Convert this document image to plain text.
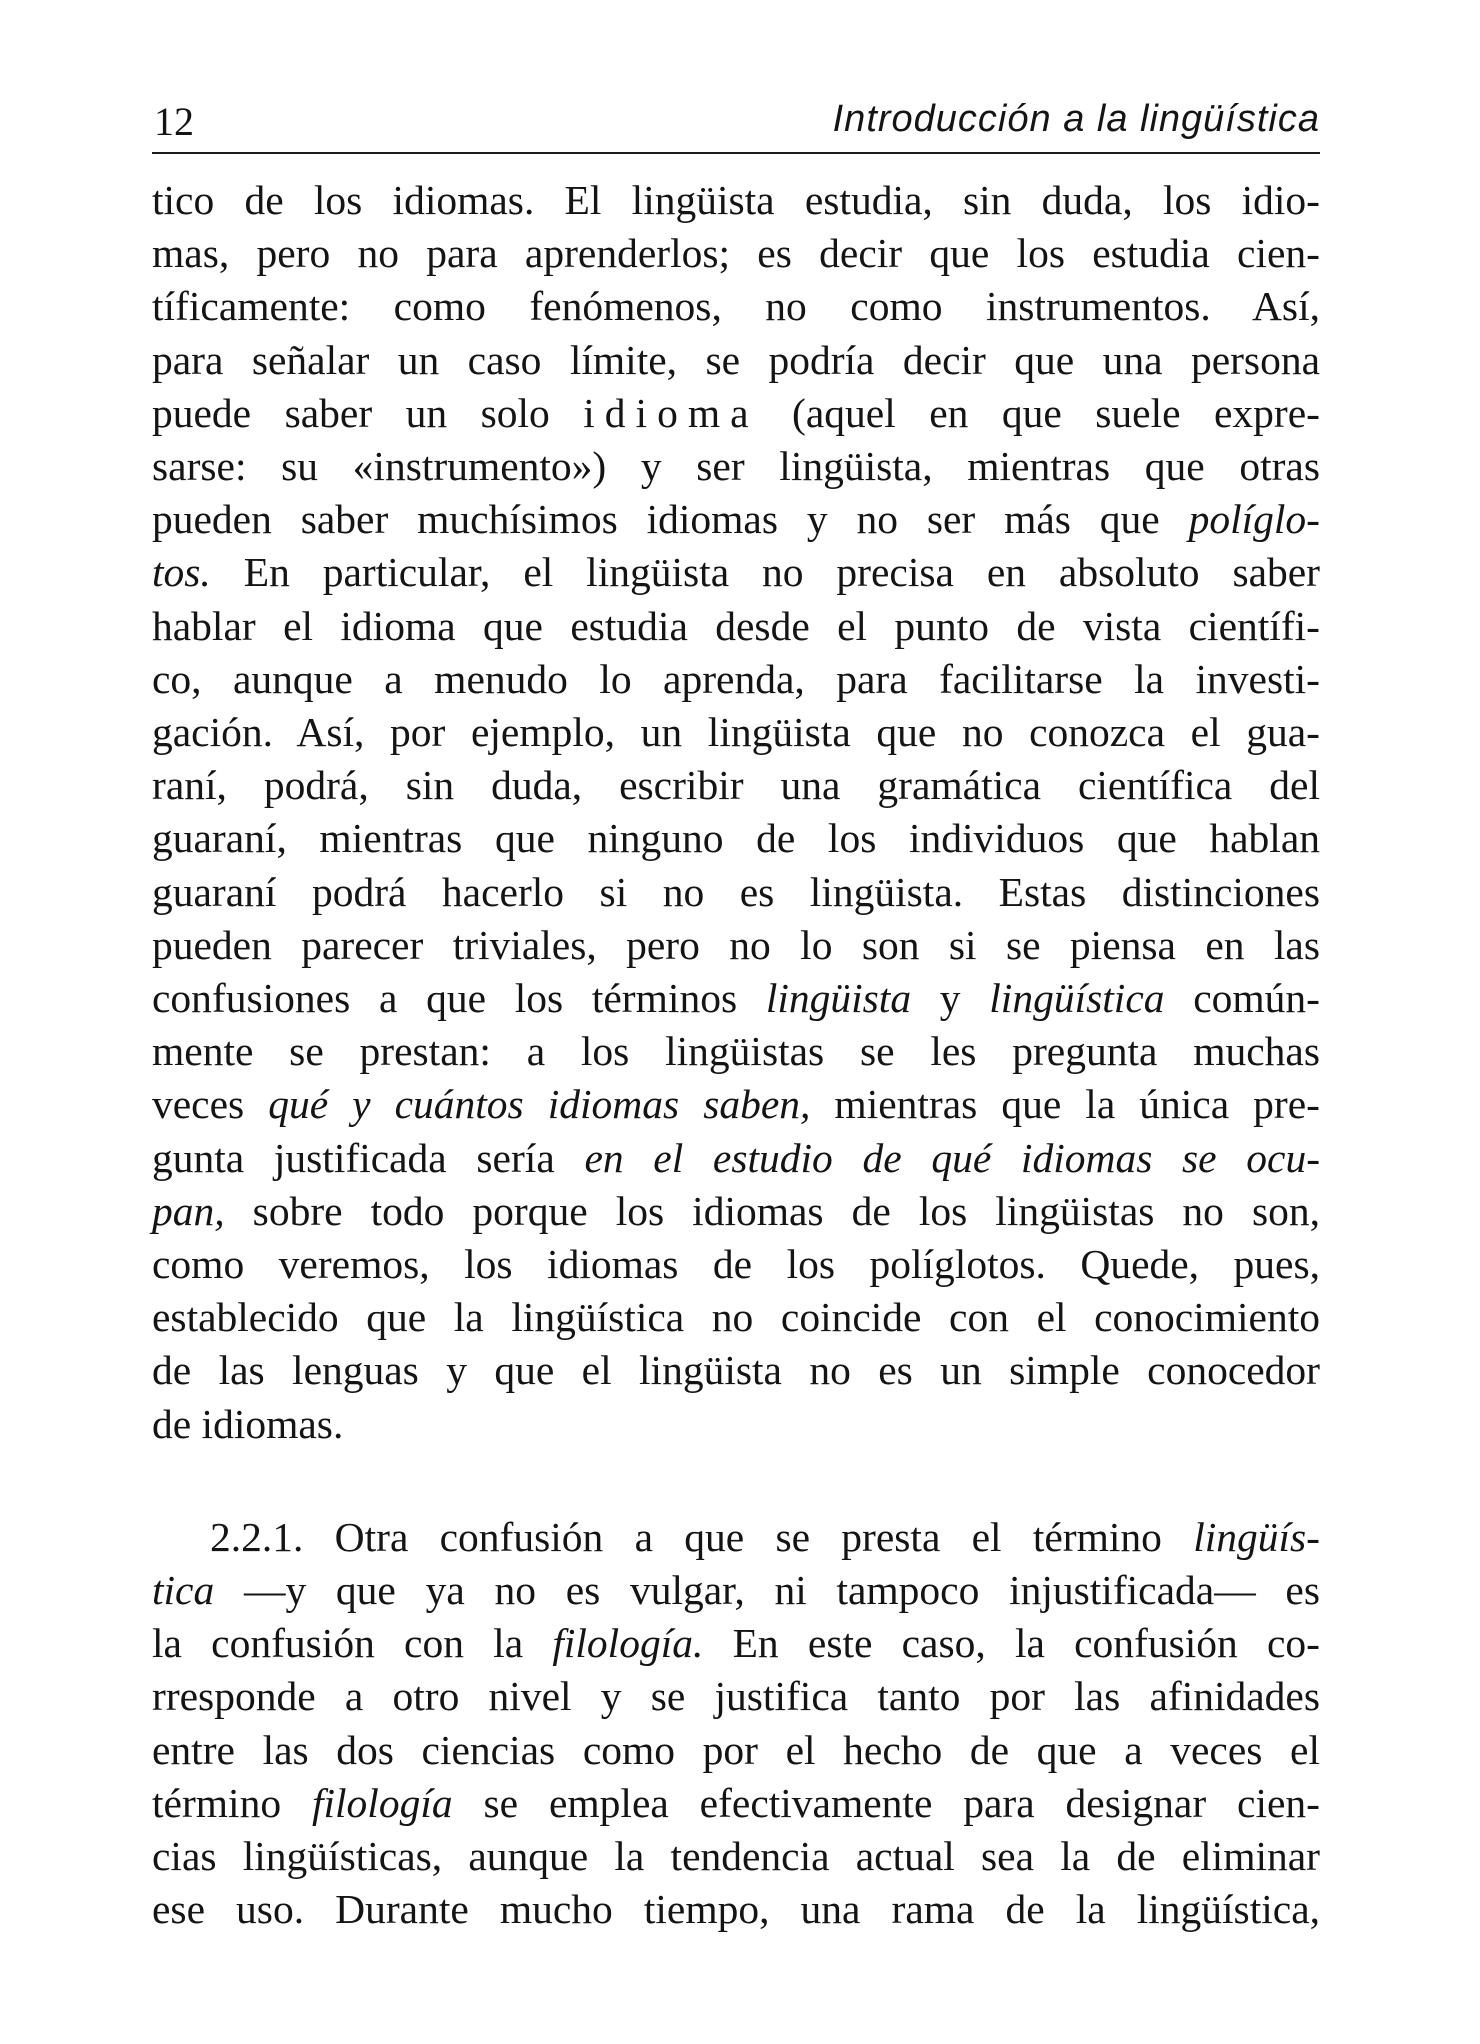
12	Introducción a la lingüística
tico de los idiomas. El lingüista estudia, sin duda, los idio-
mas, pero no para aprenderlos; es decir que los estudia cien-
tíficamente: como fenómenos, no como instrumentos. Así,
para señalar un caso límite, se podría decir que una persona
puede saber un solo idioma (aquel en que suele expre-
sarse: su «instrumento») y ser lingüista, mientras que otras
pueden saber muchísimos idiomas y no ser más que políglo-
tos. En particular, el lingüista no precisa en absoluto saber
hablar el idioma que estudia desde el punto de vista científi-
co, aunque a menudo lo aprenda, para facilitarse la investi-
gación. Así, por ejemplo, un lingüista que no conozca el gua-
raní, podrá, sin duda, escribir una gramática científica del
guaraní, mientras que ninguno de los individuos que hablan
guaraní podrá hacerlo si no es lingüista. Estas distinciones
pueden parecer triviales, pero no lo son si se piensa en las
confusiones a que los términos lingüista y lingüística común-
mente se prestan: a los lingüistas se les pregunta muchas
veces qué y cuántos idiomas saben, mientras que la única pre-
gunta justificada sería en el estudio de qué idiomas se ocu-
pan, sobre todo porque los idiomas de los lingüistas no son,
como veremos, los idiomas de los políglotos. Quede, pues,
establecido que la lingüística no coincide con el conocimiento
de las lenguas y que el lingüista no es un simple conocedor
de idiomas.
2.2.1. Otra confusión a que se presta el término lingüís-
tica —y que ya no es vulgar, ni tampoco injustificada— es
la confusión con la filología. En este caso, la confusión co-
rresponde a otro nivel y se justifica tanto por las afinidades
entre las dos ciencias como por el hecho de que a veces el
término filología se emplea efectivamente para designar cien-
cias lingüísticas, aunque la tendencia actual sea la de eliminar
ese uso. Durante mucho tiempo, una rama de la lingüística,
